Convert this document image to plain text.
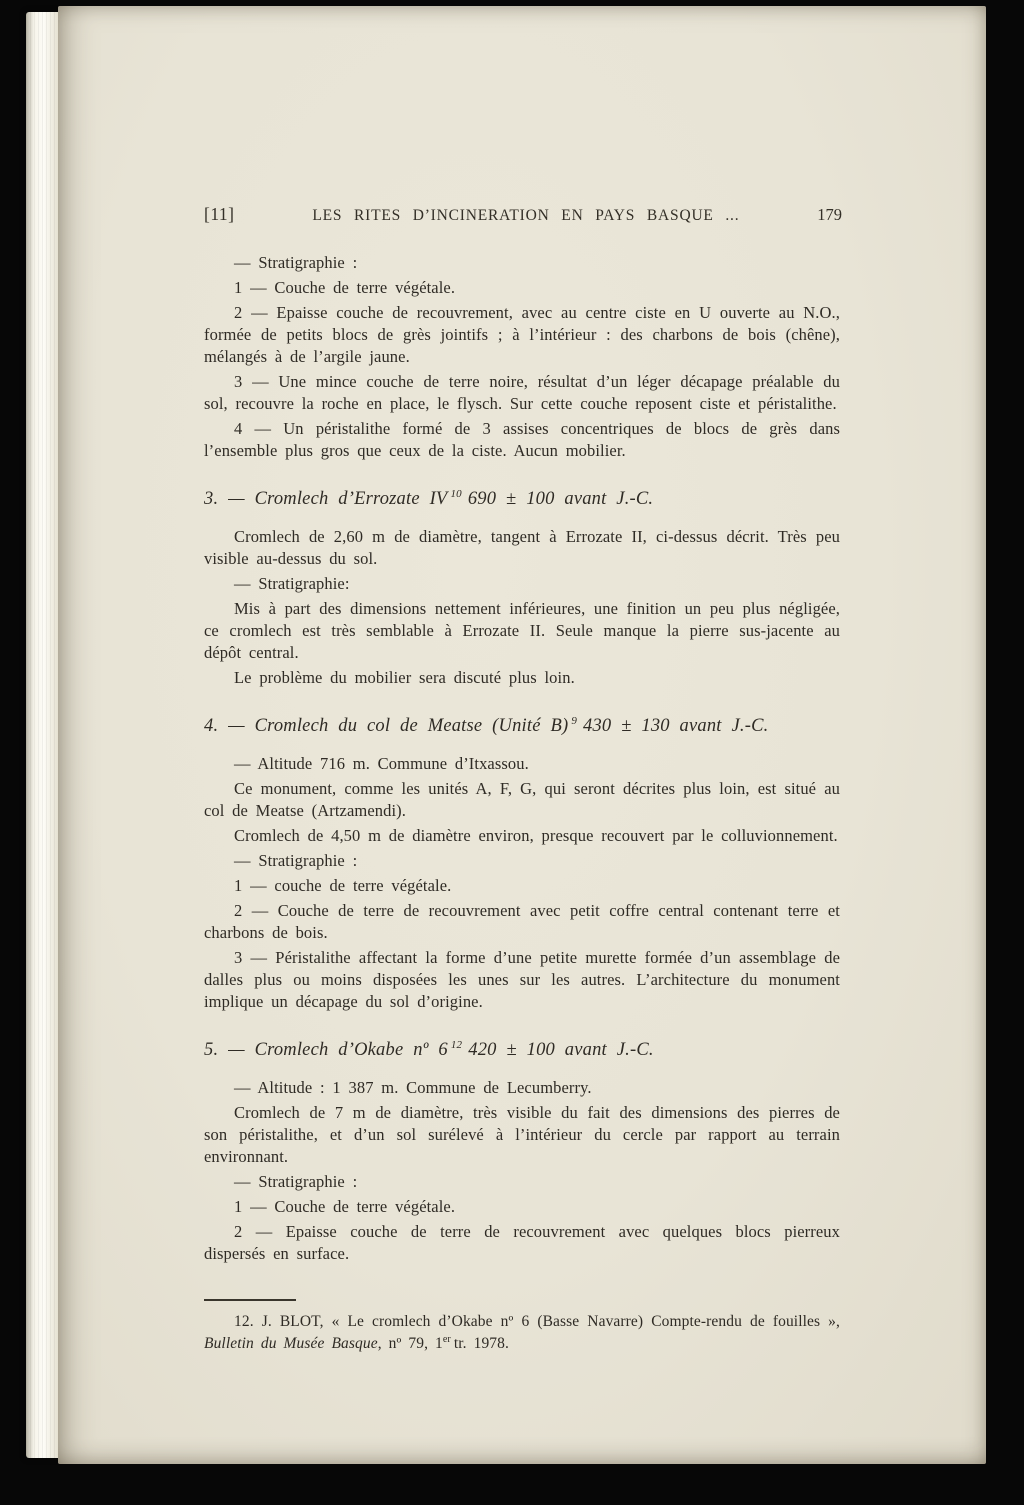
[11]	LES RITES D’INCINERATION EN PAYS BASQUE ...	179

— Stratigraphie :

1 — Couche de terre végétale.

2 — Epaisse couche de recouvrement, avec au centre ciste en U ouverte au N.O., formée de petits blocs de grès jointifs ; à l’intérieur : des charbons de bois (chêne), mélangés à de l’argile jaune.

3 — Une mince couche de terre noire, résultat d’un léger décapage préalable du sol, recouvre la roche en place, le flysch. Sur cette couche reposent ciste et péristalithe.

4 — Un péristalithe formé de 3 assises concentriques de blocs de grès dans l’ensemble plus gros que ceux de la ciste. Aucun mobilier.

3. — Cromlech d’Errozate IV $^{10}$ 690 ± 100 avant J.-C.

Cromlech de 2,60 m de diamètre, tangent à Errozate II, ci-dessus décrit. Très peu visible au-dessus du sol.

— Stratigraphie:

Mis à part des dimensions nettement inférieures, une finition un peu plus négligée, ce cromlech est très semblable à Errozate II. Seule manque la pierre sus-jacente au dépôt central.

Le problème du mobilier sera discuté plus loin.

4. — Cromlech du col de Meatse (Unité B) $^9$ 430 ± 130 avant J.-C.

— Altitude 716 m. Commune d’Itxassou.

Ce monument, comme les unités A, F, G, qui seront décrites plus loin, est situé au col de Meatse (Artzamendi).

Cromlech de 4,50 m de diamètre environ, presque recouvert par le colluvionnement.

— Stratigraphie :

1 — couche de terre végétale.

2 — Couche de terre de recouvrement avec petit coffre central contenant terre et charbons de bois.

3 — Péristalithe affectant la forme d’une petite murette formée d’un assemblage de dalles plus ou moins disposées les unes sur les autres. L’architecture du monument implique un décapage du sol d’origine.

5. — Cromlech d’Okabe nº 6 $^{12}$ 420 ± 100 avant J.-C.

— Altitude : 1 387 m. Commune de Lecumberry.

Cromlech de 7 m de diamètre, très visible du fait des dimensions des pierres de son péristalithe, et d’un sol surélevé à l’intérieur du cercle par rapport au terrain environnant.

— Stratigraphie :

1 — Couche de terre végétale.

2 — Epaisse couche de terre de recouvrement avec quelques blocs pierreux dispersés en surface.

12. J. BLOT, « Le cromlech d’Okabe nº 6 (Basse Navarre) Compte-rendu de fouilles », Bulletin du Musée Basque, nº 79, 1er tr. 1978.
